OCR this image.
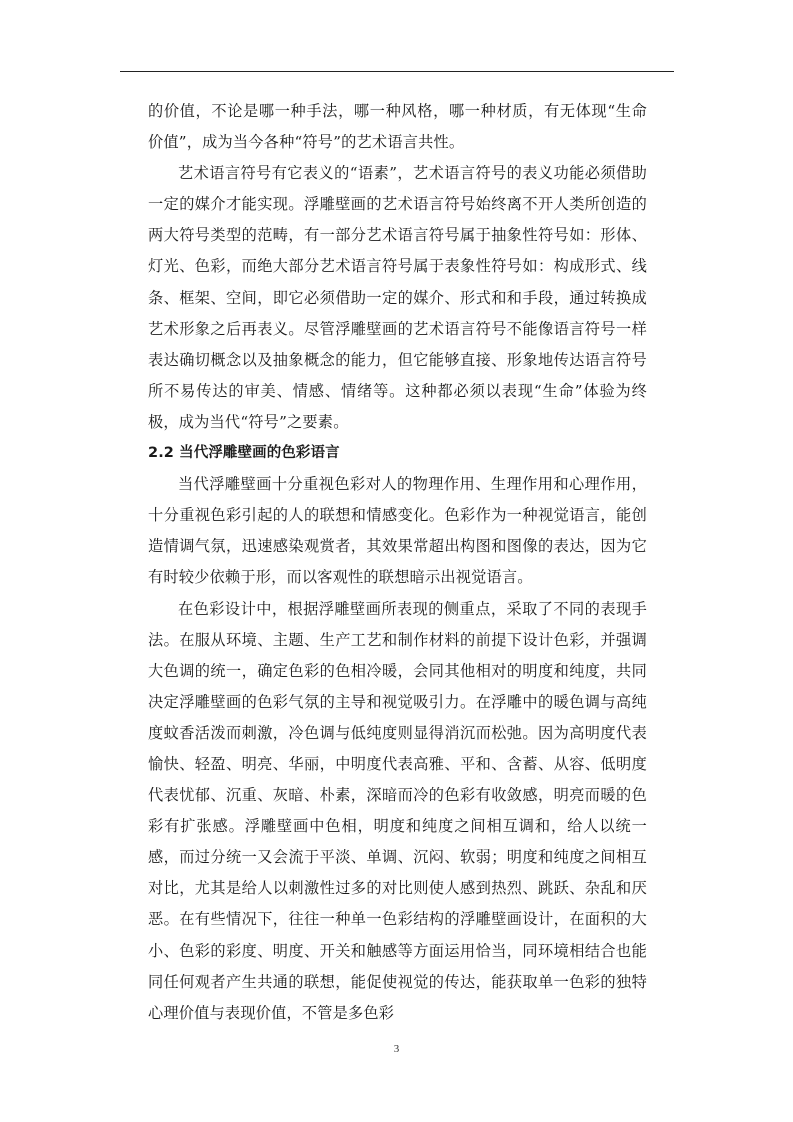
的价值，不论是哪一种手法，哪一种风格，哪一种材质，有无体现“生命价值”，成为当今各种“符号”的艺术语言共性。

艺术语言符号有它表义的“语素”，艺术语言符号的表义功能必须借助一定的媒介才能实现。浮雕壁画的艺术语言符号始终离不开人类所创造的两大符号类型的范畴，有一部分艺术语言符号属于抽象性符号如：形体、灯光、色彩，而绝大部分艺术语言符号属于表象性符号如：构成形式、线条、框架、空间，即它必须借助一定的媒介、形式和和手段，通过转换成艺术形象之后再表义。尽管浮雕壁画的艺术语言符号不能像语言符号一样表达确切概念以及抽象概念的能力，但它能够直接、形象地传达语言符号所不易传达的审美、情感、情绪等。这种都必须以表现“生命”体验为终极，成为当代“符号”之要素。

2.2 当代浮雕壁画的色彩语言

当代浮雕壁画十分重视色彩对人的物理作用、生理作用和心理作用，十分重视色彩引起的人的联想和情感变化。色彩作为一种视觉语言，能创造情调气氛，迅速感染观赏者，其效果常超出构图和图像的表达，因为它有时较少依赖于形，而以客观性的联想暗示出视觉语言。

在色彩设计中，根据浮雕壁画所表现的侧重点，采取了不同的表现手法。在服从环境、主题、生产工艺和制作材料的前提下设计色彩，并强调大色调的统一，确定色彩的色相冷暖，会同其他相对的明度和纯度，共同决定浮雕壁画的色彩气氛的主导和视觉吸引力。在浮雕中的暖色调与高纯度蚊香活泼而刺激，冷色调与低纯度则显得消沉而松弛。因为高明度代表愉快、轻盈、明亮、华丽，中明度代表高雅、平和、含蓄、从容、低明度代表忧郁、沉重、灰暗、朴素，深暗而冷的色彩有收敛感，明亮而暖的色彩有扩张感。浮雕壁画中色相，明度和纯度之间相互调和，给人以统一感，而过分统一又会流于平淡、单调、沉闷、软弱；明度和纯度之间相互对比，尤其是给人以刺激性过多的对比则使人感到热烈、跳跃、杂乱和厌恶。在有些情况下，往往一种单一色彩结构的浮雕壁画设计，在面积的大小、色彩的彩度、明度、开关和触感等方面运用恰当，同环境相结合也能同任何观者产生共通的联想，能促使视觉的传达，能获取单一色彩的独特心理价值与表现价值，不管是多色彩

3
